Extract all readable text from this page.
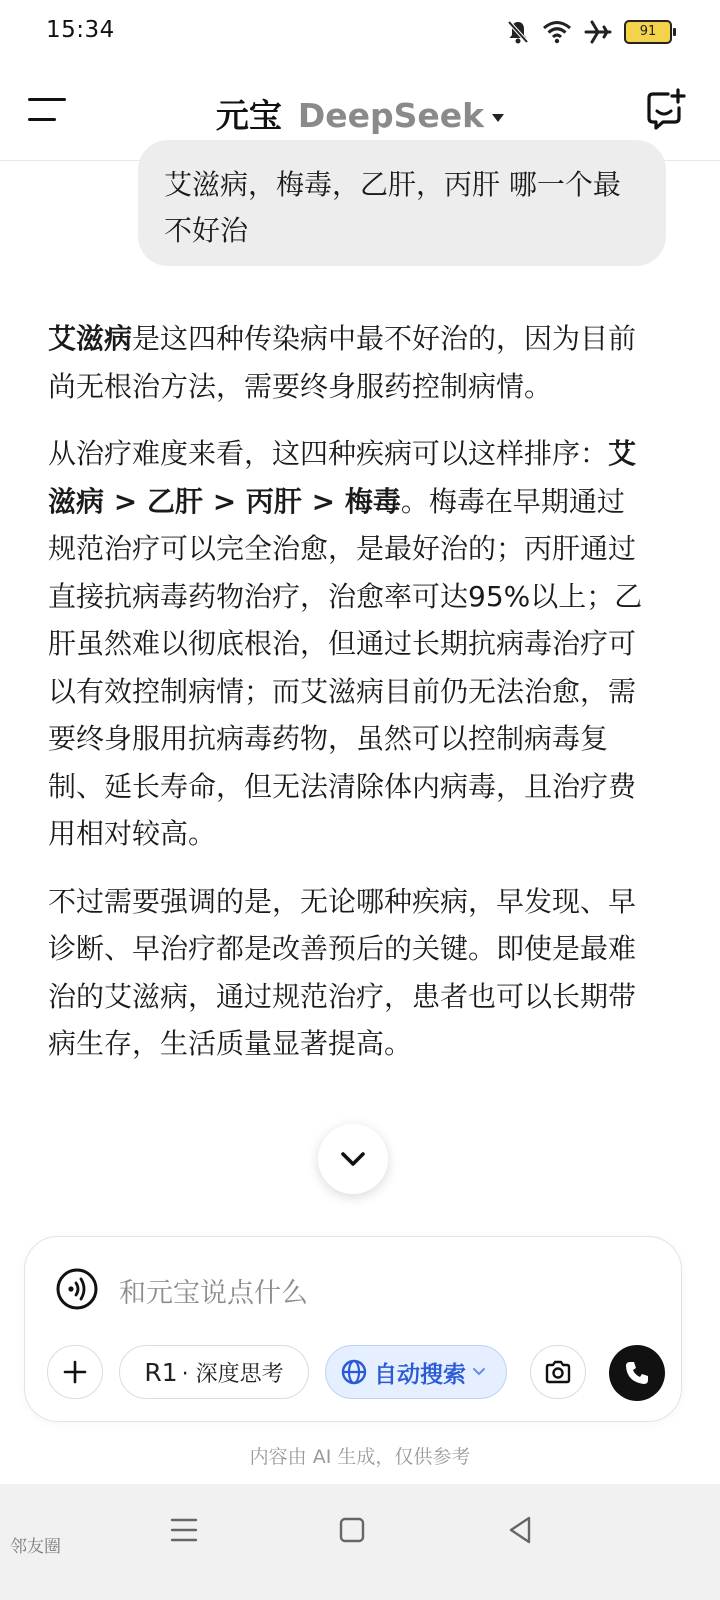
15:34	91
元宝 DeepSeek
艾滋病，梅毒，乙肝，丙肝 哪一个最不好治

艾滋病是这四种传染病中最不好治的，因为目前尚无根治方法，需要终身服药控制病情。

从治疗难度来看，这四种疾病可以这样排序：艾滋病 > 乙肝 > 丙肝 > 梅毒。梅毒在早期通过规范治疗可以完全治愈，是最好治的；丙肝通过直接抗病毒药物治疗，治愈率可达95%以上；乙肝虽然难以彻底根治，但通过长期抗病毒治疗可以有效控制病情；而艾滋病目前仍无法治愈，需要终身服用抗病毒药物，虽然可以控制病毒复制、延长寿命，但无法清除体内病毒，且治疗费用相对较高。

不过需要强调的是，无论哪种疾病，早发现、早诊断、早治疗都是改善预后的关键。即使是最难治的艾滋病，通过规范治疗，患者也可以长期带病生存，生活质量显著提高。

和元宝说点什么
R1 · 深度思考	自动搜索
内容由 AI 生成，仅供参考
邻友圈
